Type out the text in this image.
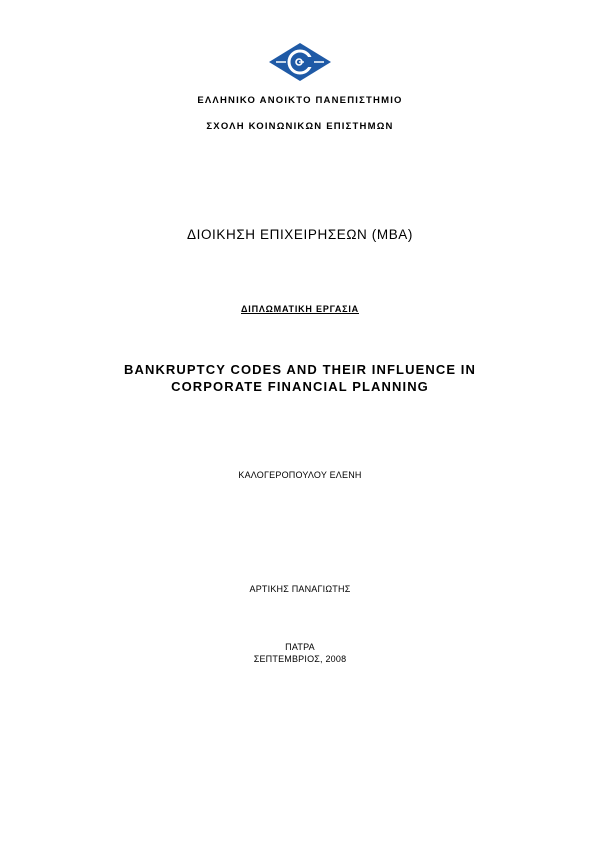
ΕΛΛΗΝΙΚΟ ΑΝΟΙΚΤΟ ΠΑΝΕΠΙΣΤΗΜΙΟ
ΣΧΟΛΗ ΚΟΙΝΩΝΙΚΩΝ ΕΠΙΣΤΗΜΩΝ
ΔΙΟΙΚΗΣΗ ΕΠΙΧΕΙΡΗΣΕΩΝ (MBA)
ΔΙΠΛΩΜΑΤΙΚΗ ΕΡΓΑΣΙΑ
BANKRUPTCY CODES AND THEIR INFLUENCE IN
CORPORATE FINANCIAL PLANNING
ΚΑΛΟΓΕΡΟΠΟΥΛΟΥ ΕΛΕΝΗ
ΑΡΤΙΚΗΣ ΠΑΝΑΓΙΩΤΗΣ
ΠΑΤΡΑ
ΣΕΠΤΕΜΒΡΙΟΣ, 2008
